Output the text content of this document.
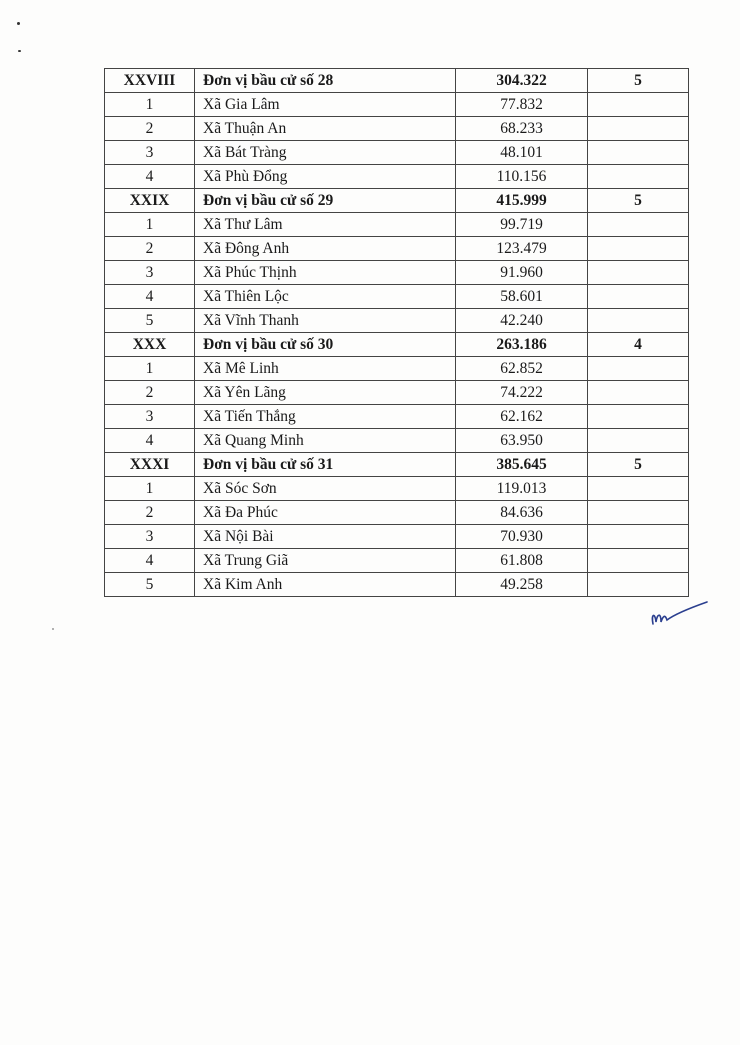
XXVIII	Đơn vị bầu cử số 28	304.322	5
1	Xã Gia Lâm	77.832	
2	Xã Thuận An	68.233	
3	Xã Bát Tràng	48.101	
4	Xã Phù Đổng	110.156	
XXIX	Đơn vị bầu cử số 29	415.999	5
1	Xã Thư Lâm	99.719	
2	Xã Đông Anh	123.479	
3	Xã Phúc Thịnh	91.960	
4	Xã Thiên Lộc	58.601	
5	Xã Vĩnh Thanh	42.240	
XXX	Đơn vị bầu cử số 30	263.186	4
1	Xã Mê Linh	62.852	
2	Xã Yên Lãng	74.222	
3	Xã Tiến Thắng	62.162	
4	Xã Quang Minh	63.950	
XXXI	Đơn vị bầu cử số 31	385.645	5
1	Xã Sóc Sơn	119.013	
2	Xã Đa Phúc	84.636	
3	Xã Nội Bài	70.930	
4	Xã Trung Giã	61.808	
5	Xã Kim Anh	49.258	
